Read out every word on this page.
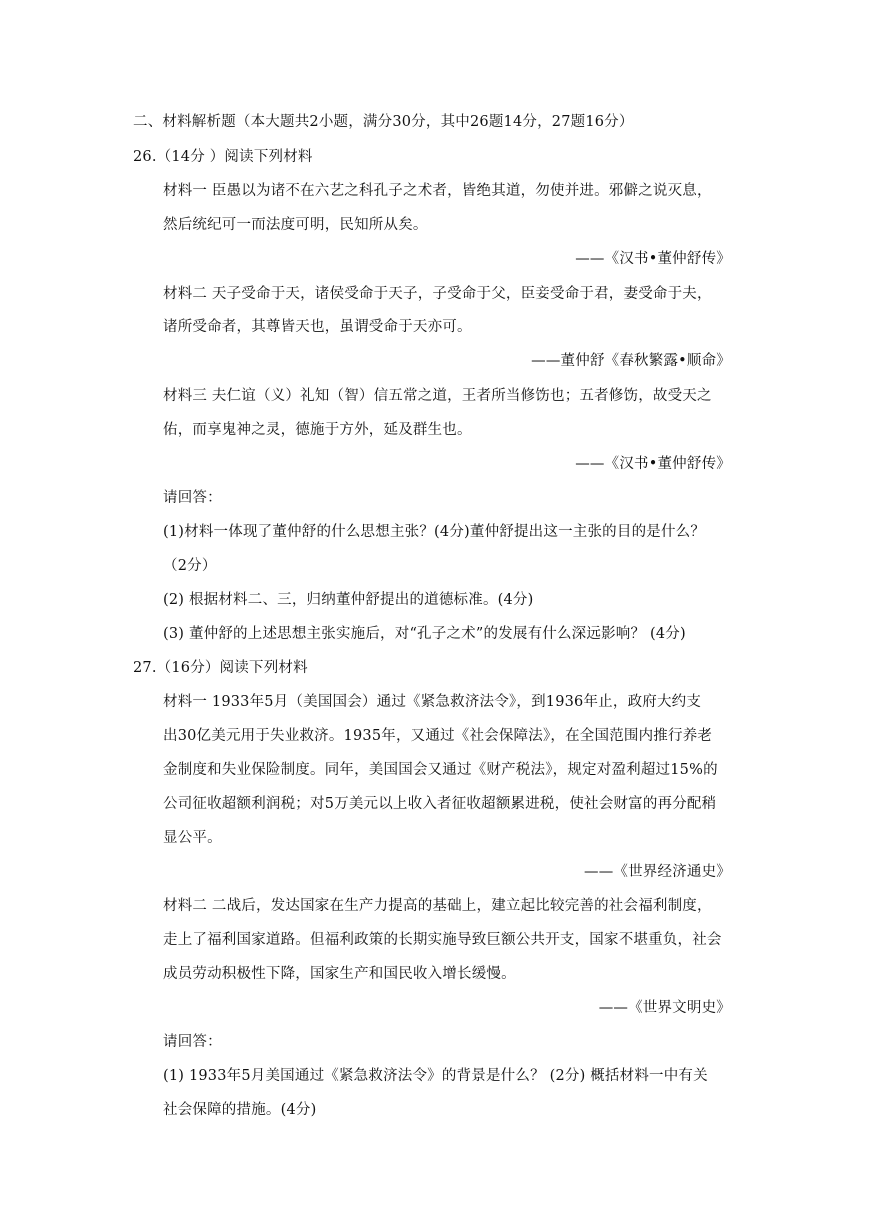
二、材料解析题（本大题共2小题，满分30分，其中26题14分，27题16分）
26.（14分 ）阅读下列材料
材料一 臣愚以为诸不在六艺之科孔子之术者，皆绝其道，勿使并进。邪僻之说灭息，
然后统纪可一而法度可明，民知所从矣。
——《汉书•董仲舒传》
材料二 天子受命于天，诸侯受命于天子，子受命于父，臣妾受命于君，妻受命于夫，
诸所受命者，其尊皆天也，虽谓受命于天亦可。
——董仲舒《春秋繁露•顺命》
材料三 夫仁谊（义）礼知（智）信五常之道，王者所当修饬也；五者修饬，故受天之
佑，而享鬼神之灵，德施于方外，延及群生也。
——《汉书•董仲舒传》
请回答：
(1)材料一体现了董仲舒的什么思想主张？(4分)董仲舒提出这一主张的目的是什么？
（2分）
(2) 根据材料二、三，归纳董仲舒提出的道德标准。(4分)
(3) 董仲舒的上述思想主张实施后，对“孔子之术”的发展有什么深远影响？ (4分)
27.（16分）阅读下列材料
材料一 1933年5月（美国国会）通过《紧急救济法令》，到1936年止，政府大约支
出30亿美元用于失业救济。1935年，又通过《社会保障法》，在全国范围内推行养老
金制度和失业保险制度。同年，美国国会又通过《财产税法》，规定对盈利超过15%的
公司征收超额利润税；对5万美元以上收入者征收超额累进税，使社会财富的再分配稍
显公平。
——《世界经济通史》
材料二 二战后，发达国家在生产力提高的基础上，建立起比较完善的社会福利制度，
走上了福利国家道路。但福利政策的长期实施导致巨额公共开支，国家不堪重负，社会
成员劳动积极性下降，国家生产和国民收入增长缓慢。
——《世界文明史》
请回答：
(1) 1933年5月美国通过《紧急救济法令》的背景是什么？ (2分) 概括材料一中有关
社会保障的措施。(4分)
